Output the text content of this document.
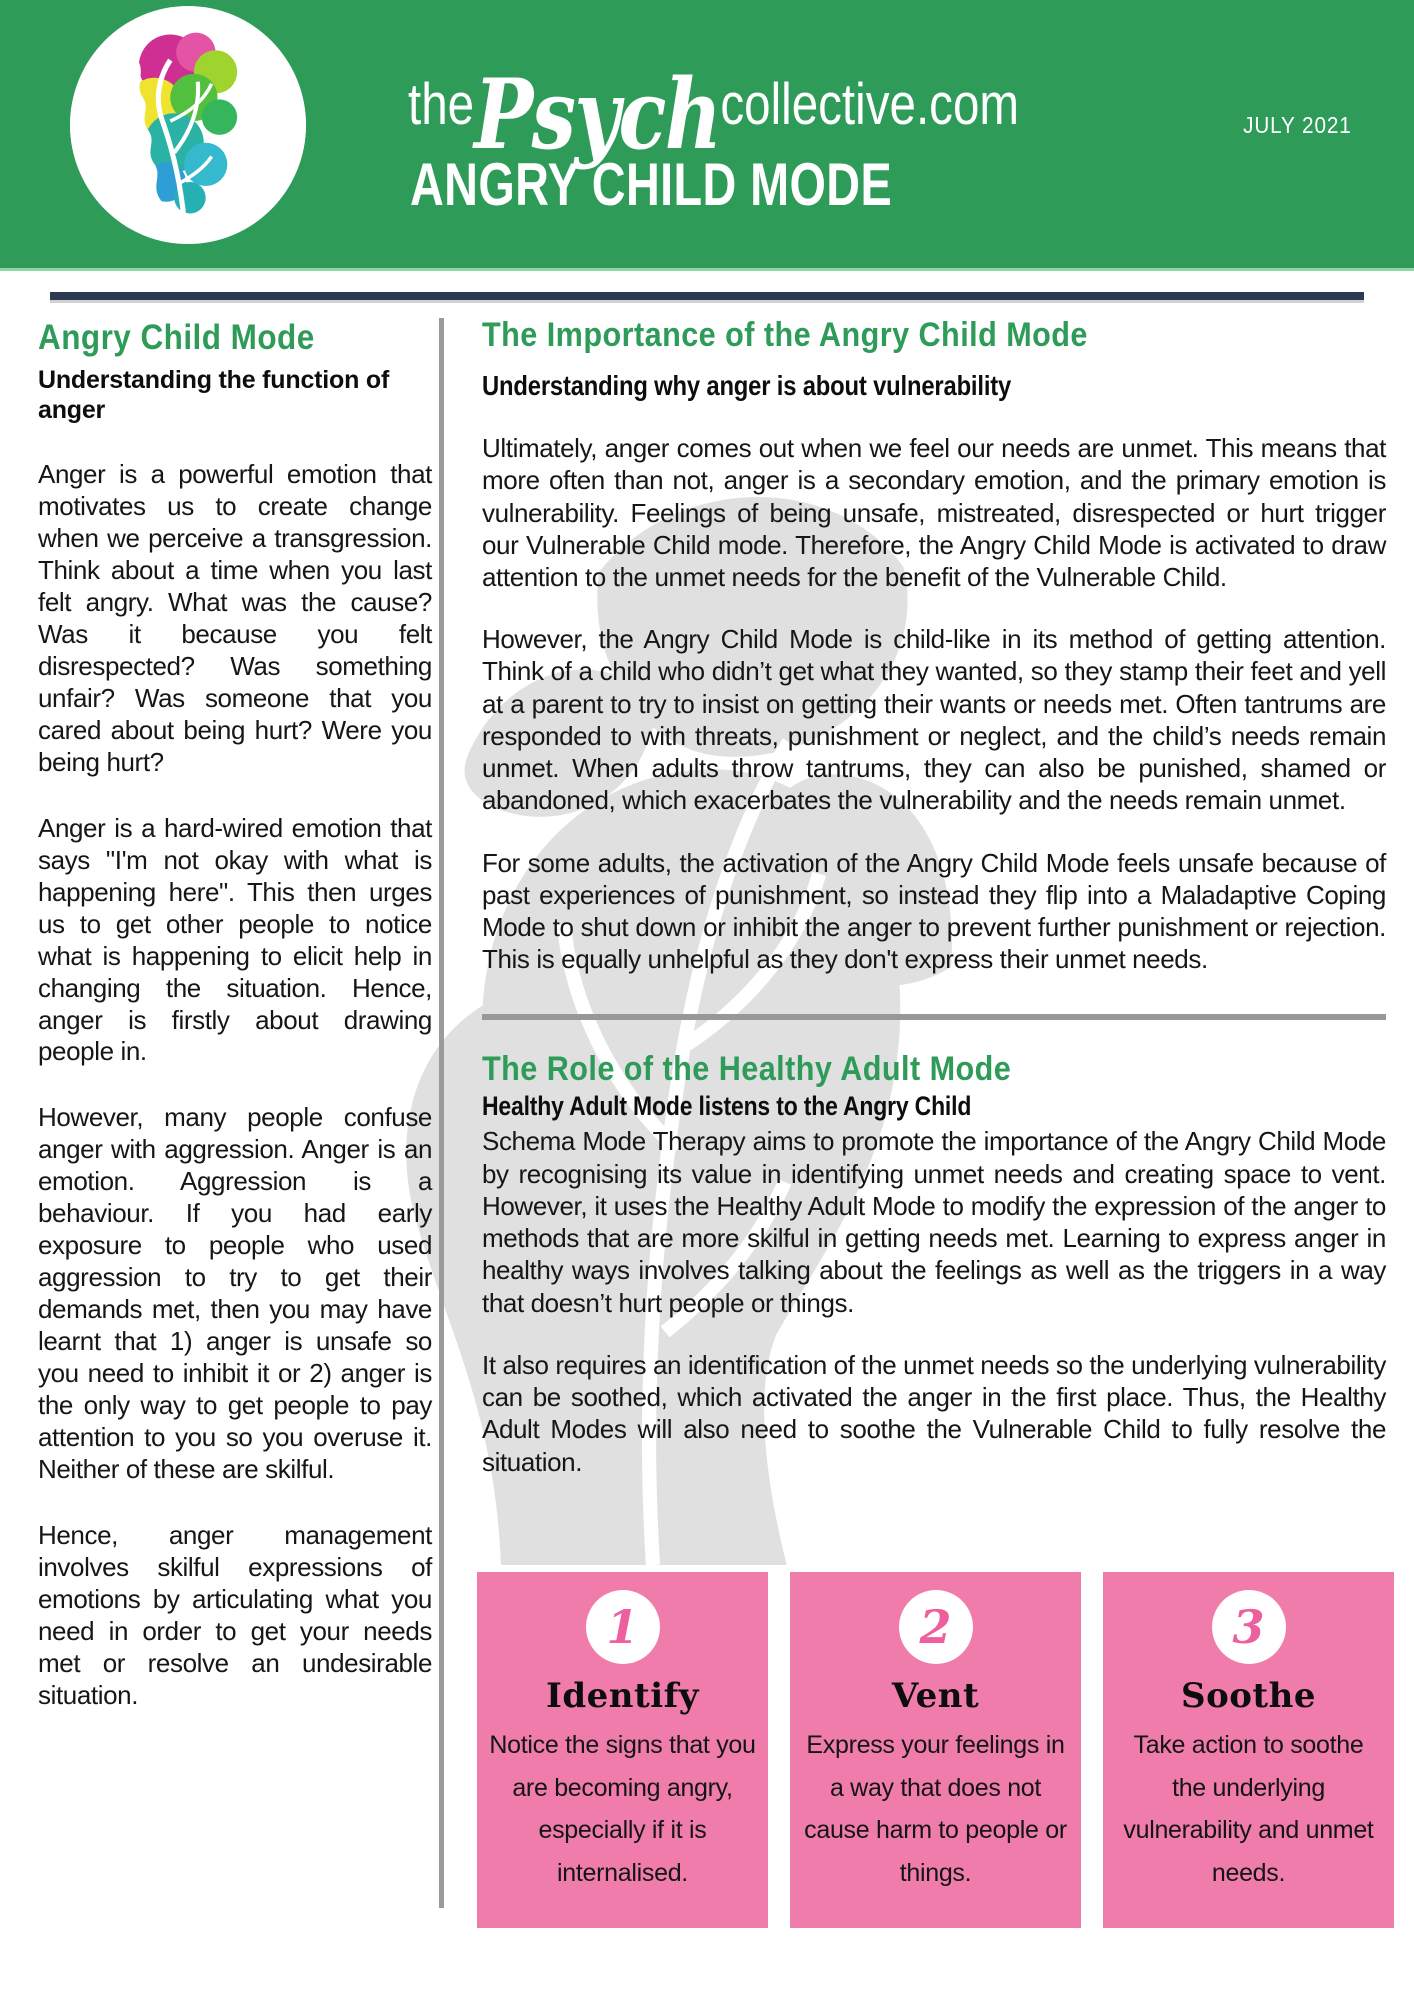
thePsychcollective.com	JULY 2021
ANGRY CHILD MODE
Angry Child Mode
Understanding the function of anger

Anger is a powerful emotion that motivates us to create change when we perceive a transgression. Think about a time when you last felt angry. What was the cause? Was it because you felt disrespected? Was something unfair? Was someone that you cared about being hurt? Were you being hurt?

Anger is a hard-wired emotion that says "I'm not okay with what is happening here". This then urges us to get other people to notice what is happening to elicit help in changing the situation. Hence, anger is firstly about drawing people in.

However, many people confuse anger with aggression. Anger is an emotion. Aggression is a behaviour. If you had early exposure to people who used aggression to try to get their demands met, then you may have learnt that 1) anger is unsafe so you need to inhibit it or 2) anger is the only way to get people to pay attention to you so you overuse it. Neither of these are skilful.

Hence, anger management involves skilful expressions of emotions by articulating what you need in order to get your needs met or resolve an undesirable situation.

The Importance of the Angry Child Mode
Understanding why anger is about vulnerability

Ultimately, anger comes out when we feel our needs are unmet. This means that more often than not, anger is a secondary emotion, and the primary emotion is vulnerability. Feelings of being unsafe, mistreated, disrespected or hurt trigger our Vulnerable Child mode. Therefore, the Angry Child Mode is activated to draw attention to the unmet needs for the benefit of the Vulnerable Child.

However, the Angry Child Mode is child-like in its method of getting attention. Think of a child who didn’t get what they wanted, so they stamp their feet and yell at a parent to try to insist on getting their wants or needs met. Often tantrums are responded to with threats, punishment or neglect, and the child’s needs remain unmet. When adults throw tantrums, they can also be punished, shamed or abandoned, which exacerbates the vulnerability and the needs remain unmet.

For some adults, the activation of the Angry Child Mode feels unsafe because of past experiences of punishment, so instead they flip into a Maladaptive Coping Mode to shut down or inhibit the anger to prevent further punishment or rejection. This is equally unhelpful as they don't express their unmet needs.

The Role of the Healthy Adult Mode
Healthy Adult Mode listens to the Angry Child

Schema Mode Therapy aims to promote the importance of the Angry Child Mode by recognising its value in identifying unmet needs and creating space to vent. However, it uses the Healthy Adult Mode to modify the expression of the anger to methods that are more skilful in getting needs met. Learning to express anger in healthy ways involves talking about the feelings as well as the triggers in a way that doesn’t hurt people or things.

It also requires an identification of the unmet needs so the underlying vulnerability can be soothed, which activated the anger in the first place. Thus, the Healthy Adult Modes will also need to soothe the Vulnerable Child to fully resolve the situation.

1
Identify
Notice the signs that you are becoming angry, especially if it is internalised.
2
Vent
Express your feelings in a way that does not cause harm to people or things.
3
Soothe
Take action to soothe the underlying vulnerability and unmet needs.
